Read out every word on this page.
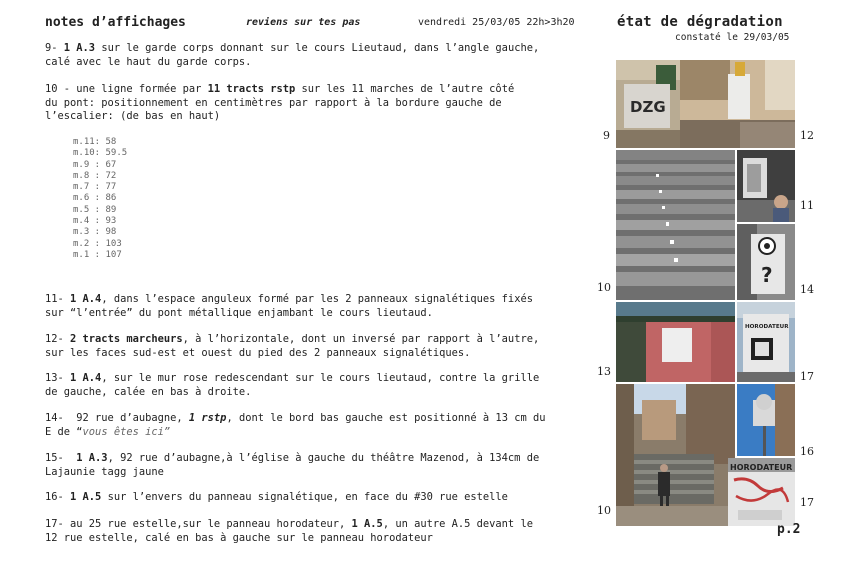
notes d’affichages	reviens sur tes pas	vendredi 25/03/05 22h>3h20	état de dégradation
constaté le 29/03/05
9- 1 A.3 sur le garde corps donnant sur le cours Lieutaud, dans l’angle gauche,
calé avec le haut du garde corps.
10 - une ligne formée par 11 tracts rstp sur les 11 marches de l’autre côté
du pont: positionnement en centimètres par rapport à la bordure gauche de
l’escalier: (de bas en haut)
m.11: 58
m.10: 59.5
m.9 : 67
m.8 : 72
m.7 : 77
m.6 : 86
m.5 : 89
m.4 : 93
m.3 : 98
m.2 : 103
m.1 : 107
11- 1 A.4, dans l’espace anguleux formé par les 2 panneaux signalétiques fixés
sur “l’entrée” du pont métallique enjambant le cours lieutaud.
12- 2 tracts marcheurs, à l’horizontale, dont un inversé par rapport à l’autre,
sur les faces sud-est et ouest du pied des 2 panneaux signalétiques.
13- 1 A.4, sur le mur rose redescendant sur le cours lieutaud, contre la grille
de gauche, calée en bas à droite.
14-  92 rue d’aubagne, 1 rstp, dont le bord bas gauche est positionné à 13 cm du
E de “vous êtes ici”
15-  1 A.3, 92 rue d’aubagne,à l’église à gauche du théâtre Mazenod, à 134cm de
Lajaunie tagg jaune
16- 1 A.5 sur l’envers du panneau signalétique, en face du #30 rue estelle
17- au 25 rue estelle,sur le panneau horodateur, 1 A.5, un autre A.5 devant le
12 rue estelle, calé en bas à gauche sur le panneau horodateur
DZG
?
HORODATEUR
HORODATEUR
9	12
11
10	14
13	17
16
17
10
p.2
